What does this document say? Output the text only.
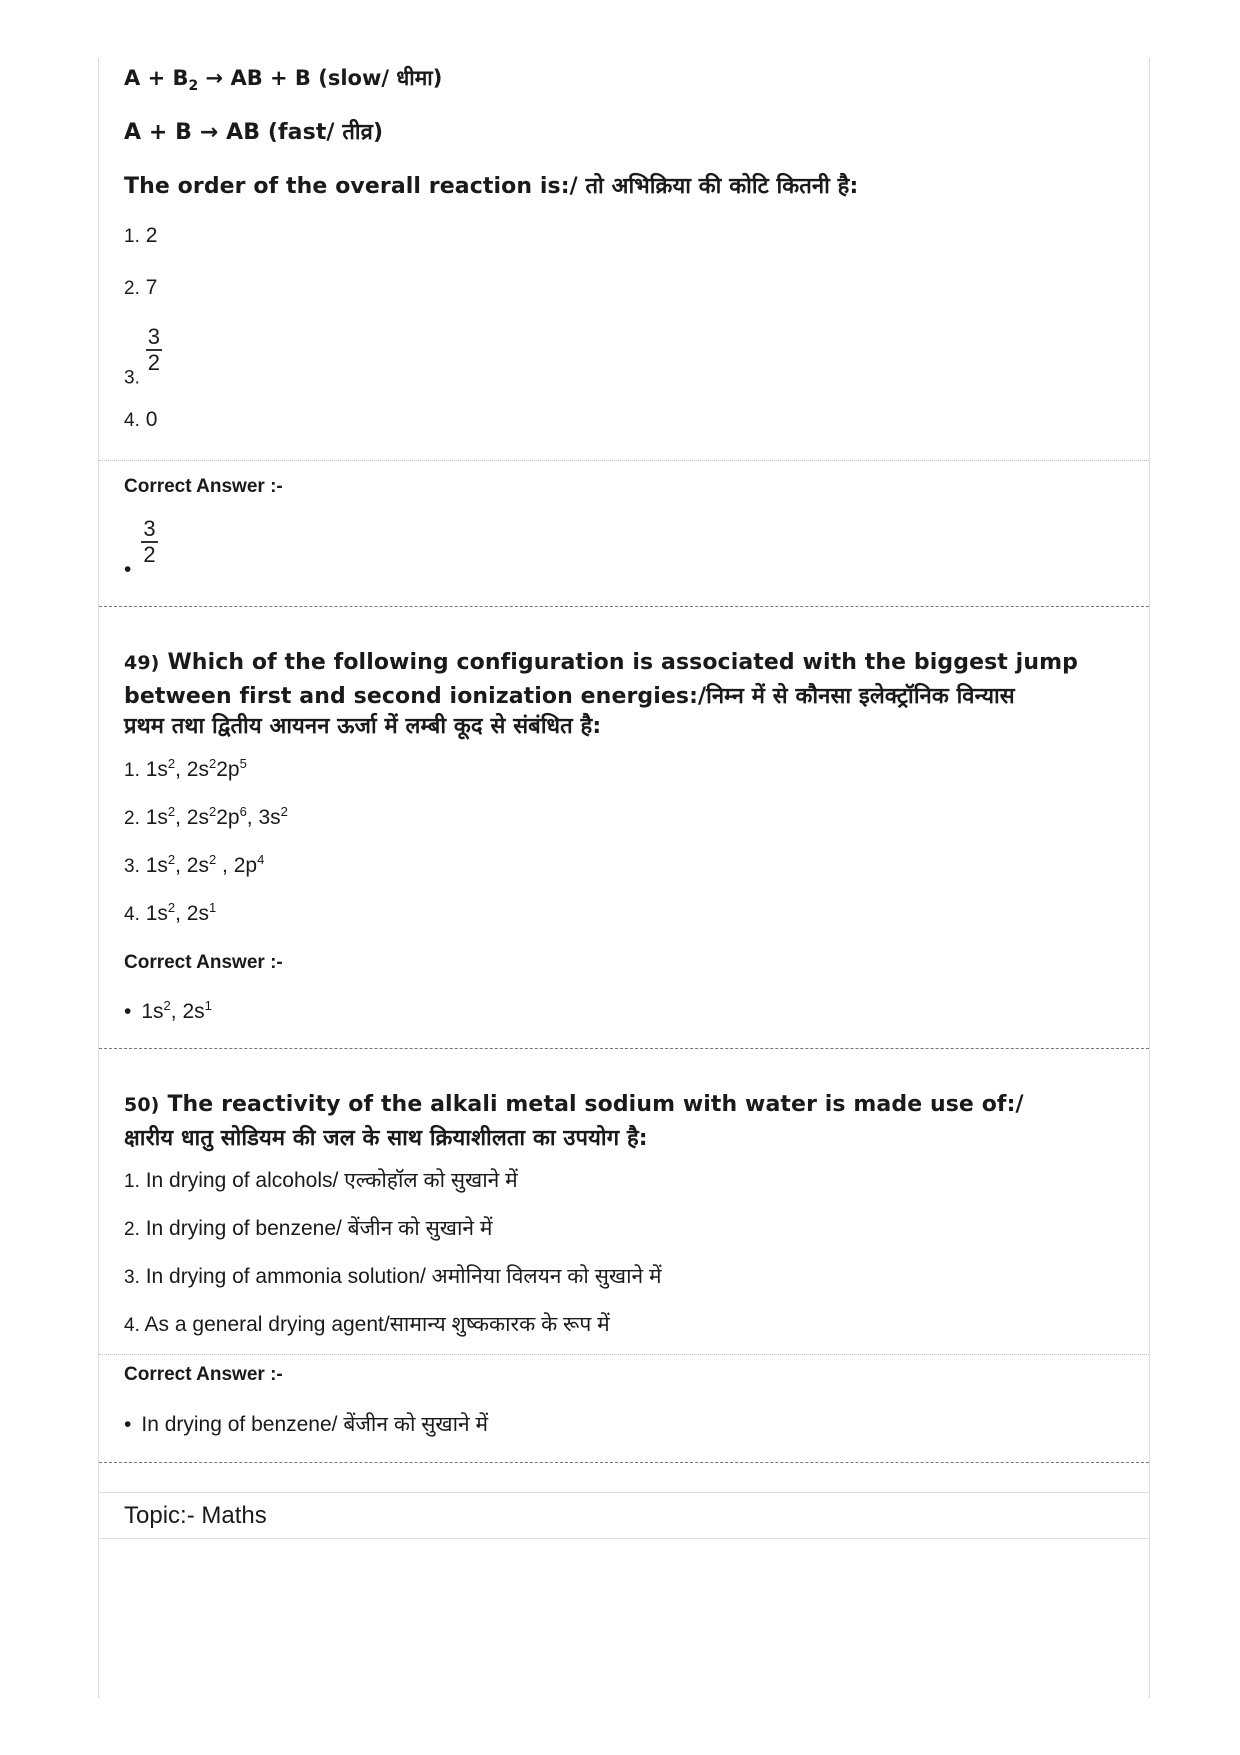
$A + B_2$ → AB + B (slow/ धीमा)
A + B → AB (fast/ तीव्र)
The order of the overall reaction is:/ तो अभिक्रिया की कोटि कितनी है:
1. 2
2. 7
3.
$\frac{3}{2}$
4. 0
Correct Answer :-
•
$\frac{3}{2}$
49) Which of the following configuration is associated with the biggest jump
between first and second ionization energies:/निम्न में से कौनसा इलेक्ट्रॉनिक विन्यास
प्रथम तथा द्वितीय आयनन ऊर्जा में लम्बी कूद से संबंधित है:
1. $1s^2$, $2s^22p^5$
2. $1s^2$, $2s^22p^6$, $3s^2$
3. $1s^2$, $2s^2$ , $2p^4$
4. $1s^2$, $2s^1$
Correct Answer :-
• $1s^2$, $2s^1$
50) The reactivity of the alkali metal sodium with water is made use of:/
क्षारीय धातु सोडियम की जल के साथ क्रियाशीलता का उपयोग है:
1. In drying of alcohols/ एल्कोहॉल को सुखाने में
2. In drying of benzene/ बेंजीन को सुखाने में
3. In drying of ammonia solution/ अमोनिया विलयन को सुखाने में
4. As a general drying agent/सामान्य शुष्ककारक के रूप में
Correct Answer :-
• In drying of benzene/ बेंजीन को सुखाने में
Topic:- Maths
